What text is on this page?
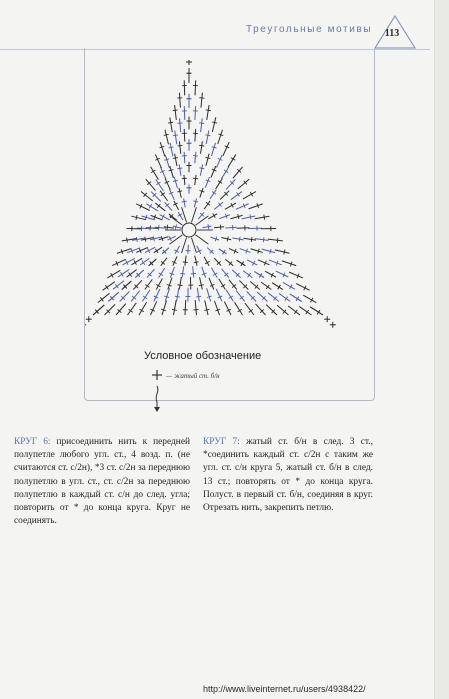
Треугольные мотивы	113
Условное обозначение
— жатый ст. б/н
КРУГ 6: присоединить нить к передней полупетле любого угл. ст., 4 возд. п. (не считаются ст. с/2н), *3 ст. с/2н за переднюю полупетлю в угл. ст., ст. с/2н за переднюю полупетлю в каждый ст. с/н до след. угла; повторить от * до конца круга. Круг не соединять.
КРУГ 7: жатый ст. б/н в след. 3 ст., *соединить каждый ст. с/2н с таким же угл. ст. с/н круга 5, жатый ст. б/н в след. 13 ст.; повторять от * до конца круга. Полуст. в первый ст. б/н, соединяя в круг. Отрезать нить, закрепить петлю.
http://www.liveinternet.ru/users/4938422/
